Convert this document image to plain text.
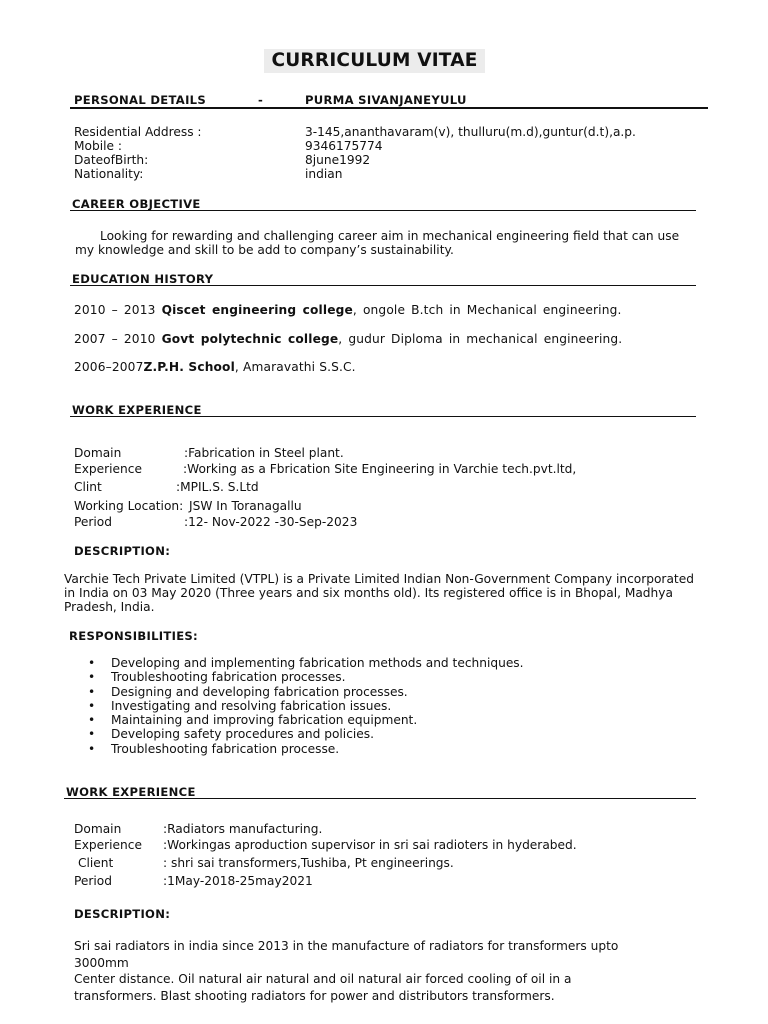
CURRICULUM VITAE
PERSONAL DETAILS	-	PURMA SIVANJANEYULU
Residential Address :	3-145,ananthavaram(v), thulluru(m.d),guntur(d.t),a.p.
Mobile :	9346175774
DateofBirth:	8june1992
Nationality:	indian
CAREER OBJECTIVE
Looking for rewarding and challenging career aim in mechanical engineering field that can use my knowledge and skill to be add to company’s sustainability.
EDUCATION HISTORY
2010 – 2013 Qiscet engineering college, ongole B.tch in Mechanical engineering.
2007 – 2010 Govt polytechnic college, gudur Diploma in mechanical engineering.
2006–2007Z.P.H. School, Amaravathi S.S.C.
WORK EXPERIENCE
Domain	:Fabrication in Steel plant.
Experience	:Working as a Fbrication Site Engineering in Varchie tech.pvt.ltd,
Clint	:MPIL.S. S.Ltd
Working Location: JSW In Toranagallu
Period	:12- Nov-2022 -30-Sep-2023
DESCRIPTION:
Varchie Tech Private Limited (VTPL) is a Private Limited Indian Non-Government Company incorporated in India on 03 May 2020 (Three years and six months old). Its registered office is in Bhopal, Madhya Pradesh, India.
RESPONSIBILITIES:
• Developing and implementing fabrication methods and techniques.
• Troubleshooting fabrication processes.
• Designing and developing fabrication processes.
• Investigating and resolving fabrication issues.
• Maintaining and improving fabrication equipment.
• Developing safety procedures and policies.
• Troubleshooting fabrication processe.
WORK EXPERIENCE
Domain	:Radiators manufacturing.
Experience :Workingas aproduction supervisor in sri sai radioters in hyderabed.
Client	: shri sai transformers,Tushiba, Pt engineerings.
Period	:1May-2018-25may2021
DESCRIPTION:
Sri sai radiators in india since 2013 in the manufacture of radiators for transformers upto
3000mm
Center distance. Oil natural air natural and oil natural air forced cooling of oil in a
transformers. Blast shooting radiators for power and distributors transformers.
